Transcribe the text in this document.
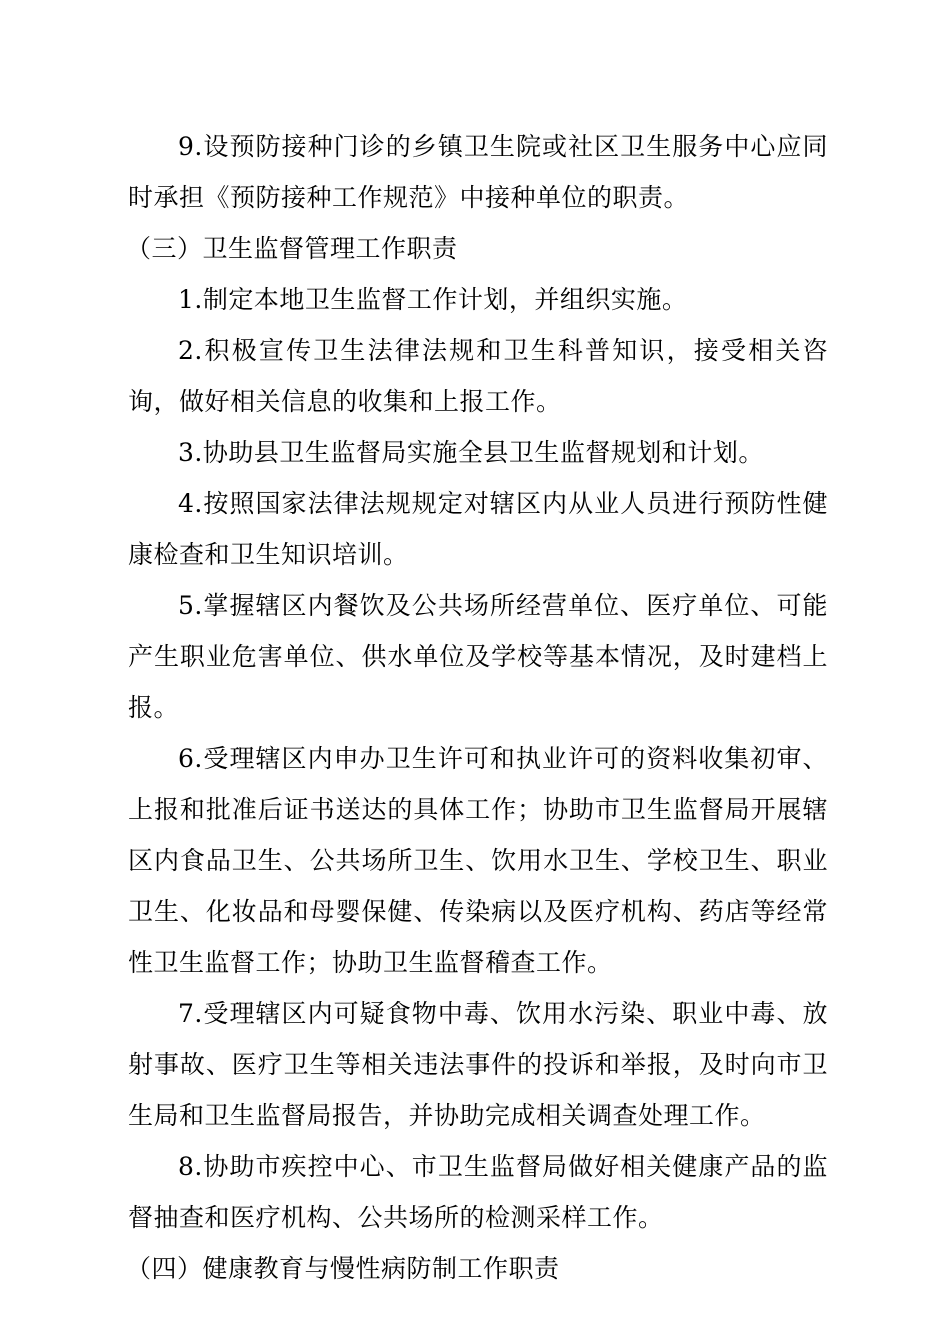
9.设预防接种门诊的乡镇卫生院或社区卫生服务中心应同时承担《预防接种工作规范》中接种单位的职责。

（三）卫生监督管理工作职责

1.制定本地卫生监督工作计划，并组织实施。

2.积极宣传卫生法律法规和卫生科普知识，接受相关咨询，做好相关信息的收集和上报工作。

3.协助县卫生监督局实施全县卫生监督规划和计划。

4.按照国家法律法规规定对辖区内从业人员进行预防性健康检查和卫生知识培训。

5.掌握辖区内餐饮及公共场所经营单位、医疗单位、可能产生职业危害单位、供水单位及学校等基本情况，及时建档上报。

6.受理辖区内申办卫生许可和执业许可的资料收集初审、上报和批准后证书送达的具体工作；协助市卫生监督局开展辖区内食品卫生、公共场所卫生、饮用水卫生、学校卫生、职业卫生、化妆品和母婴保健、传染病以及医疗机构、药店等经常性卫生监督工作；协助卫生监督稽查工作。

7.受理辖区内可疑食物中毒、饮用水污染、职业中毒、放射事故、医疗卫生等相关违法事件的投诉和举报，及时向市卫生局和卫生监督局报告，并协助完成相关调查处理工作。

8.协助市疾控中心、市卫生监督局做好相关健康产品的监督抽查和医疗机构、公共场所的检测采样工作。

（四）健康教育与慢性病防制工作职责
